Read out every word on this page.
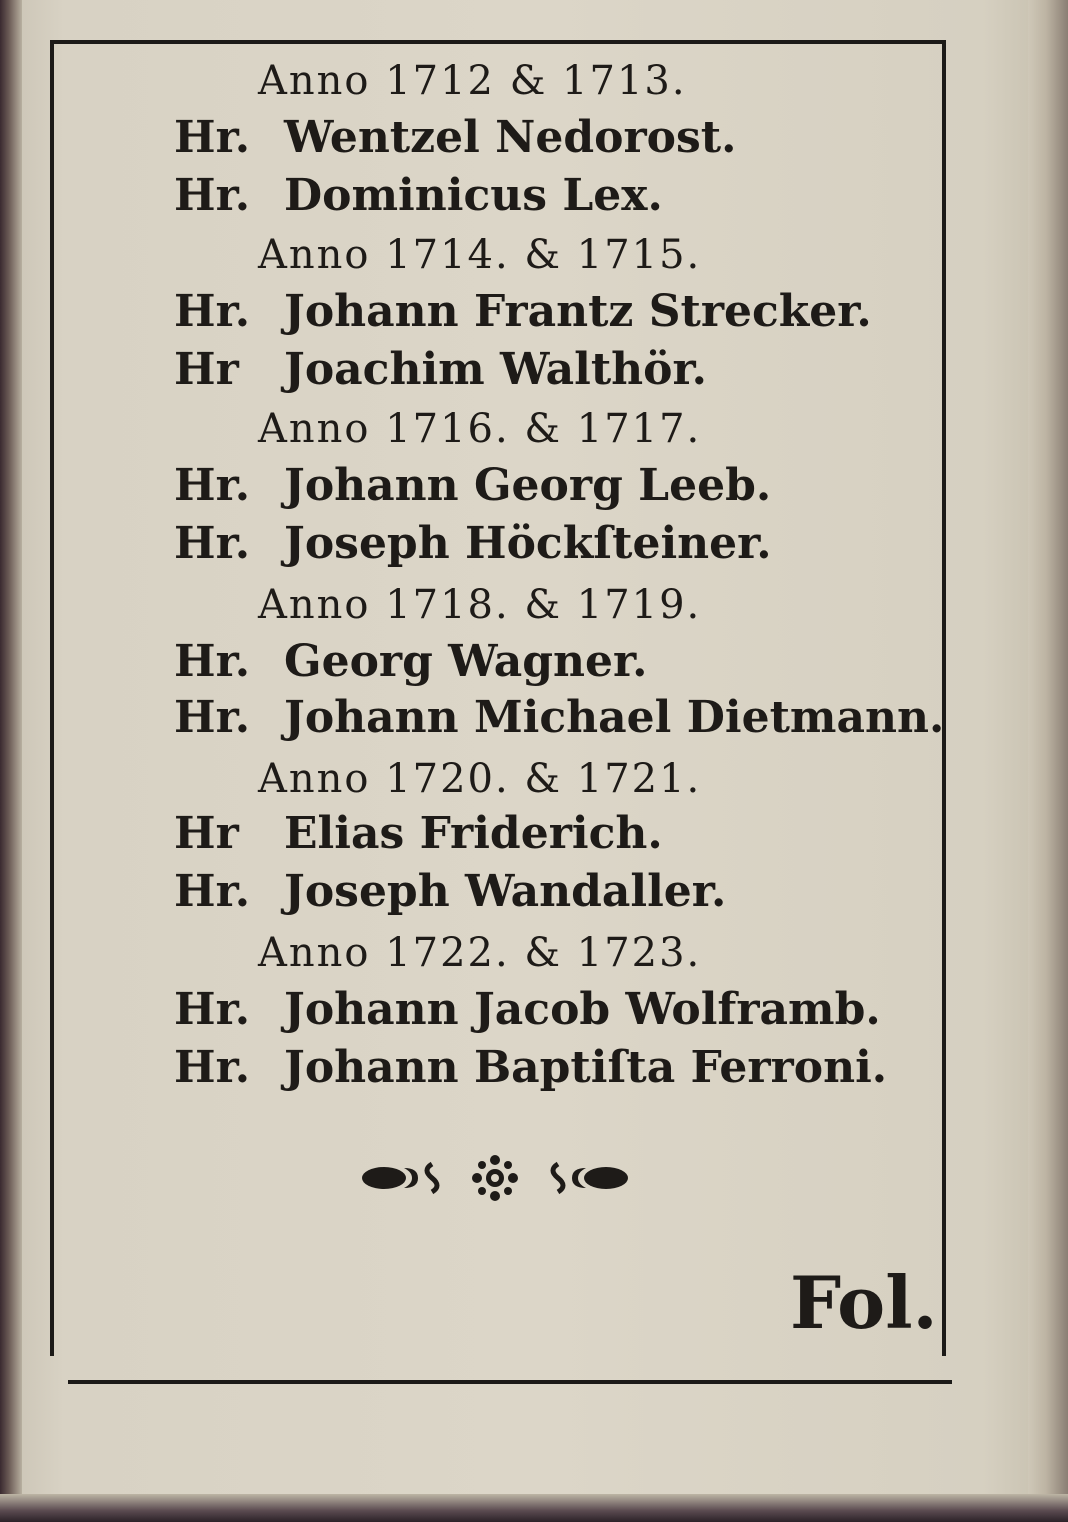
Anno 1712 & 1713.

Hr. Wentzel Nedorost.

Hr. Dominicus Lex.

Anno 1714. & 1715.

Hr. Johann Frantz Strecker.

Hr Joachim Walthör.

Anno 1716. & 1717.

Hr. Johann Georg Leeb.

Hr. Joseph Höckſteiner.

Anno 1718. & 1719.

Hr. Georg Wagner.

Hr. Johann Michael Dietmann.

Anno 1720. & 1721.

Hr Elias Friderich.

Hr. Joseph Wandaller.

Anno 1722. & 1723.

Hr. Johann Jacob Wolframb.

Hr. Johann Baptiſta Ferroni.

Fol.
